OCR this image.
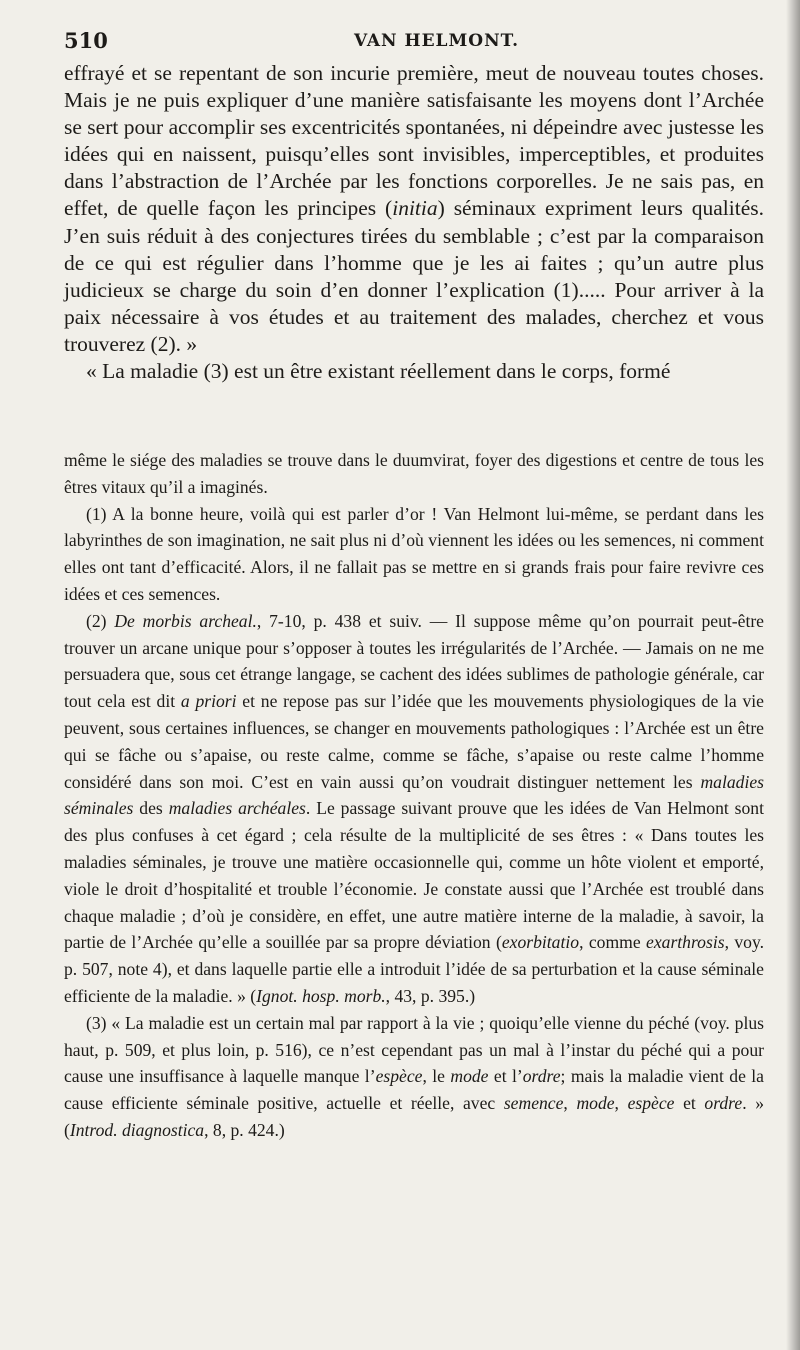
510	VAN HELMONT.

effrayé et se repentant de son incurie première, meut de nouveau toutes choses. Mais je ne puis expliquer d’une manière satisfaisante les moyens dont l’Archée se sert pour accomplir ses excentricités spontanées, ni dépeindre avec justesse les idées qui en naissent, puisqu’elles sont invisibles, imperceptibles, et produites dans l’abstraction de l’Archée par les fonctions corporelles. Je ne sais pas, en effet, de quelle façon les principes (initia) séminaux expriment leurs qualités. J’en suis réduit à des conjectures tirées du semblable ; c’est par la comparaison de ce qui est régulier dans l’homme que je les ai faites ; qu’un autre plus judicieux se charge du soin d’en donner l’explication (1)..... Pour arriver à la paix nécessaire à vos études et au traitement des malades, cherchez et vous trouverez (2). »

« La maladie (3) est un être existant réellement dans le corps, formé

même le siége des maladies se trouve dans le duumvirat, foyer des digestions et centre de tous les êtres vitaux qu’il a imaginés.

(1) A la bonne heure, voilà qui est parler d’or ! Van Helmont lui-même, se perdant dans les labyrinthes de son imagination, ne sait plus ni d’où viennent les idées ou les semences, ni comment elles ont tant d’efficacité. Alors, il ne fallait pas se mettre en si grands frais pour faire revivre ces idées et ces semences.

(2) De morbis archeal., 7-10, p. 438 et suiv. — Il suppose même qu’on pourrait peut-être trouver un arcane unique pour s’opposer à toutes les irrégularités de l’Archée. — Jamais on ne me persuadera que, sous cet étrange langage, se cachent des idées sublimes de pathologie générale, car tout cela est dit a priori et ne repose pas sur l’idée que les mouvements physiologiques de la vie peuvent, sous certaines influences, se changer en mouvements pathologiques : l’Archée est un être qui se fâche ou s’apaise, ou reste calme, comme se fâche, s’apaise ou reste calme l’homme considéré dans son moi. C’est en vain aussi qu’on voudrait distinguer nettement les maladies séminales des maladies archéales. Le passage suivant prouve que les idées de Van Helmont sont des plus confuses à cet égard ; cela résulte de la multiplicité de ses êtres : « Dans toutes les maladies séminales, je trouve une matière occasionnelle qui, comme un hôte violent et emporté, viole le droit d’hospitalité et trouble l’économie. Je constate aussi que l’Archée est troublé dans chaque maladie ; d’où je considère, en effet, une autre matière interne de la maladie, à savoir, la partie de l’Archée qu’elle a souillée par sa propre déviation (exorbitatio, comme exarthrosis, voy. p. 507, note 4), et dans laquelle partie elle a introduit l’idée de sa perturbation et la cause séminale efficiente de la maladie. » (Ignot. hosp. morb., 43, p. 395.)

(3) « La maladie est un certain mal par rapport à la vie ; quoiqu’elle vienne du péché (voy. plus haut, p. 509, et plus loin, p. 516), ce n’est cependant pas un mal à l’instar du péché qui a pour cause une insuffisance à laquelle manque l’espèce, le mode et l’ordre; mais la maladie vient de la cause efficiente séminale positive, actuelle et réelle, avec semence, mode, espèce et ordre. » (Introd. diagnostica, 8, p. 424.)
